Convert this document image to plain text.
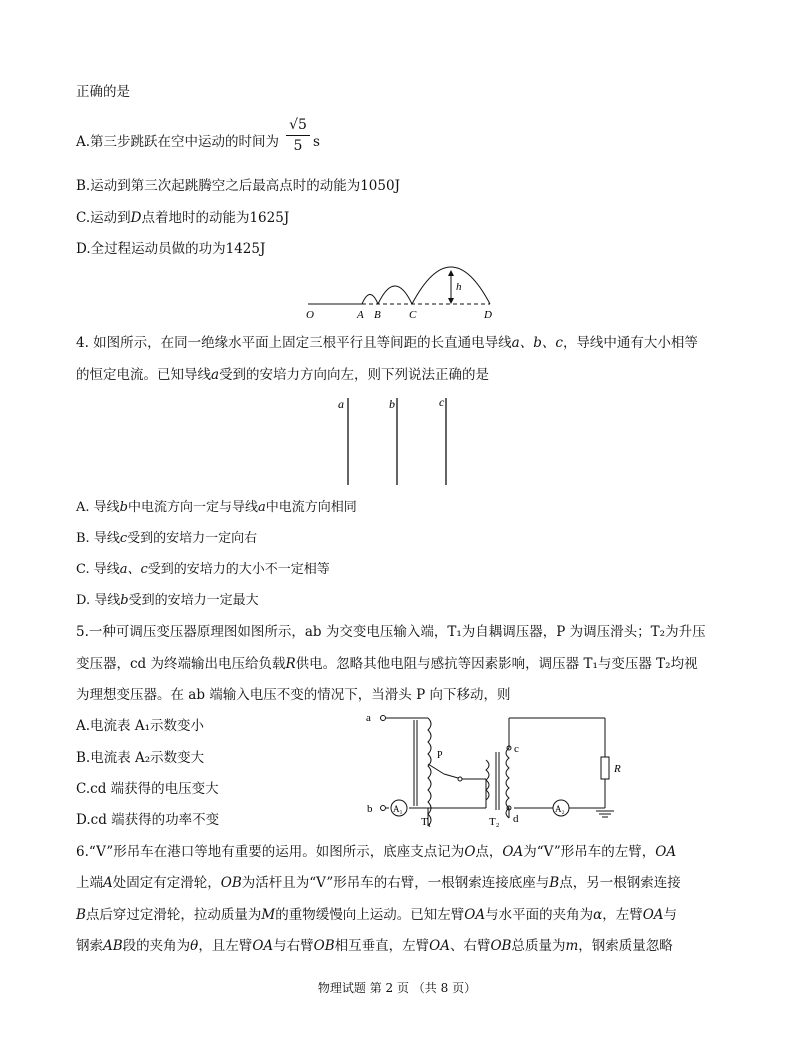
正确的是
A.第三步跳跃在空中运动的时间为
√5
5 s
B.运动到第三次起跳腾空之后最高点时的动能为1050J
C.运动到D点着地时的动能为1625J
D.全过程运动员做的功为1425J
O	A B	C	D
h
4. 如图所示，在同一绝缘水平面上固定三根平行且等间距的长直通电导线a、b、c，导线中通有大小相等
的恒定电流。已知导线a受到的安培力方向向左，则下列说法正确的是
a	b	c
A. 导线b中电流方向一定与导线a中电流方向相同
B. 导线c受到的安培力一定向右
C. 导线a、c受到的安培力的大小不一定相等
D. 导线b受到的安培力一定最大
5.一种可调压变压器原理图如图所示，ab 为交变电压输入端，T₁为自耦调压器，P 为调压滑头；T₂为升压
变压器，cd 为终端输出电压给负载R供电。忽略其他电阻与感抗等因素影响，调压器 T₁与变压器 T₂均视
为理想变压器。在 ab 端输入电压不变的情况下，当滑头 P 向下移动，则
A.电流表 A₁示数变小
B.电流表 A₂示数变大
C.cd 端获得的电压变大
D.cd 端获得的功率不变
a
b
c
d
P
R
T₁	T₂
A₁	A₂
6.“V”形吊车在港口等地有重要的运用。如图所示，底座支点记为O点，OA为“V”形吊车的左臂，OA
上端A处固定有定滑轮，OB为活杆且为“V”形吊车的右臂，一根钢索连接底座与B点，另一根钢索连接
B点后穿过定滑轮，拉动质量为M的重物缓慢向上运动。已知左臂OA与水平面的夹角为α，左臂OA与
钢索AB段的夹角为θ，且左臂OA与右臂OB相互垂直，左臂OA、右臂OB总质量为m，钢索质量忽略
物理试题 第 2 页 （共 8 页）
